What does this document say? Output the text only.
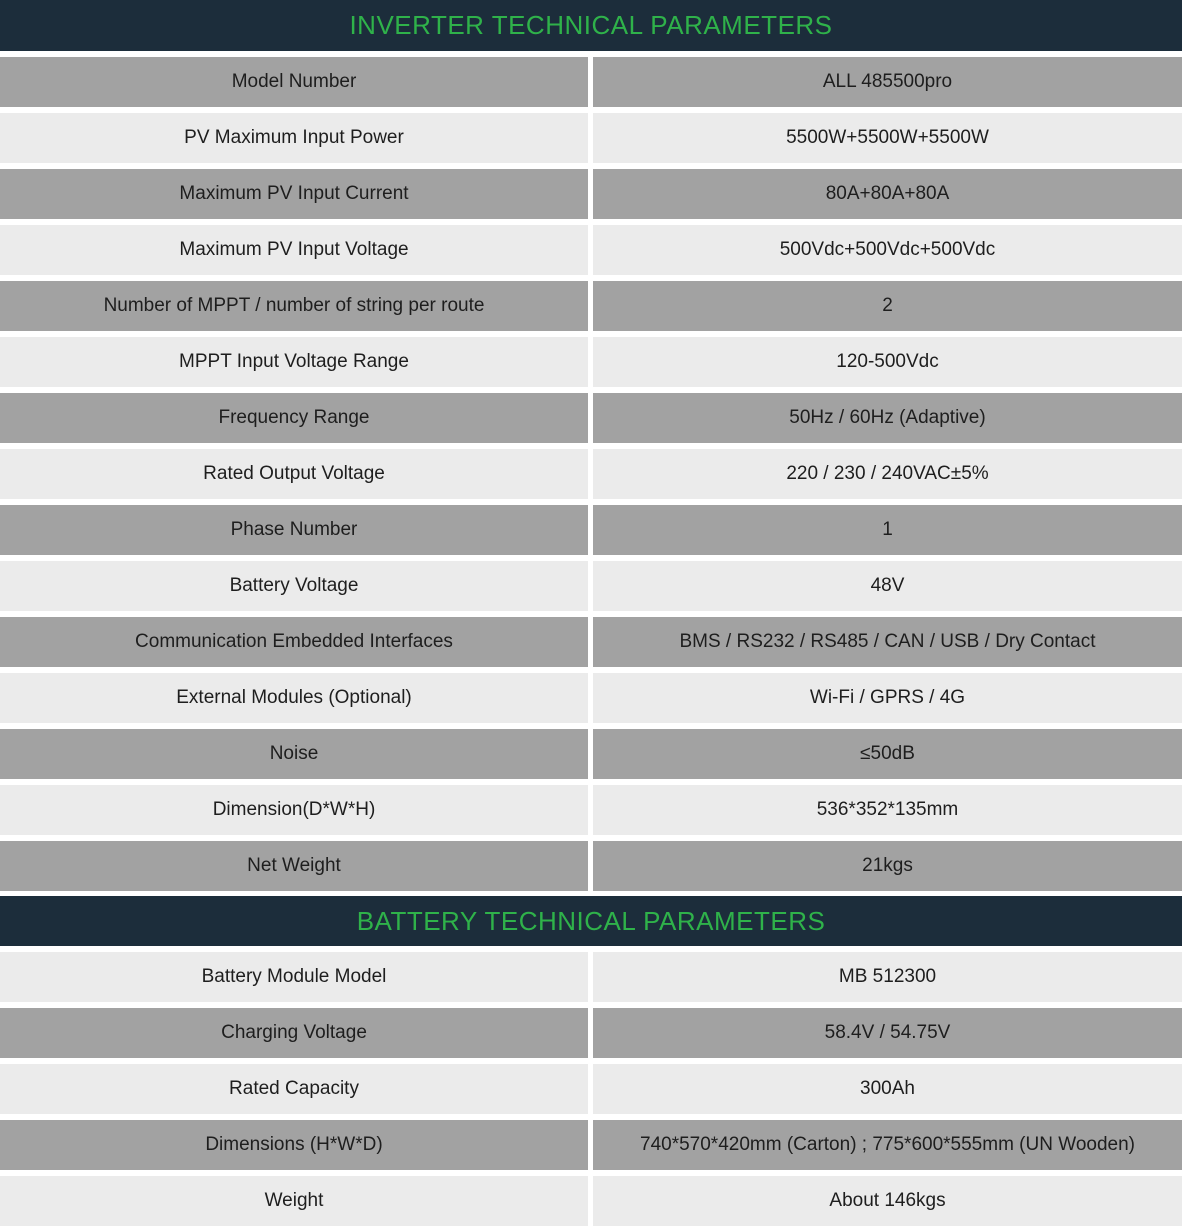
INVERTER TECHNICAL PARAMETERS
Model Number	ALL 485500pro
PV Maximum Input Power	5500W+5500W+5500W
Maximum PV Input Current	80A+80A+80A
Maximum PV Input Voltage	500Vdc+500Vdc+500Vdc
Number of MPPT / number of string per route	2
MPPT Input Voltage Range	120-500Vdc
Frequency Range	50Hz / 60Hz (Adaptive)
Rated Output Voltage	220 / 230 / 240VAC±5%
Phase Number	1
Battery Voltage	48V
Communication Embedded Interfaces	BMS / RS232 / RS485 / CAN / USB / Dry Contact
External Modules (Optional)	Wi-Fi / GPRS / 4G
Noise	≤50dB
Dimension(D*W*H)	536*352*135mm
Net Weight	21kgs
BATTERY TECHNICAL PARAMETERS
Battery Module Model	MB 512300
Charging Voltage	58.4V / 54.75V
Rated Capacity	300Ah
Dimensions (H*W*D)	740*570*420mm (Carton) ; 775*600*555mm (UN Wooden)
Weight	About 146kgs
